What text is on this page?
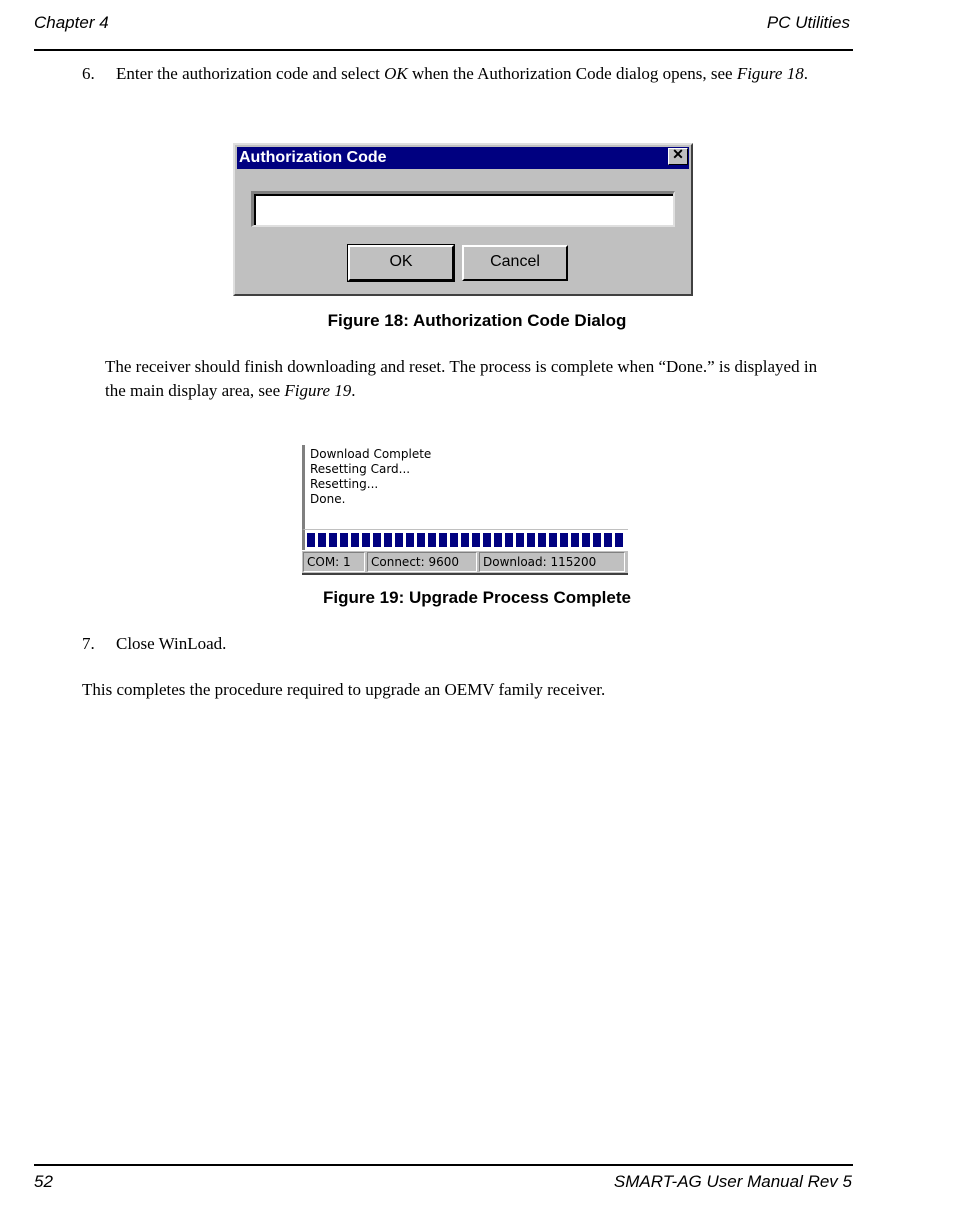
Chapter 4	PC Utilities
6. Enter the authorization code and select OK when the Authorization Code dialog opens, see Figure 18.
Authorization Code	✕
OK	Cancel
Figure 18: Authorization Code Dialog
The receiver should finish downloading and reset. The process is complete when “Done.” is displayed in the main display area, see Figure 19.
Download Complete
Resetting Card...
Resetting...
Done.
COM: 1	Connect: 9600	Download: 115200
Figure 19: Upgrade Process Complete
7. Close WinLoad.
This completes the procedure required to upgrade an OEMV family receiver.
52	SMART-AG User Manual Rev 5
